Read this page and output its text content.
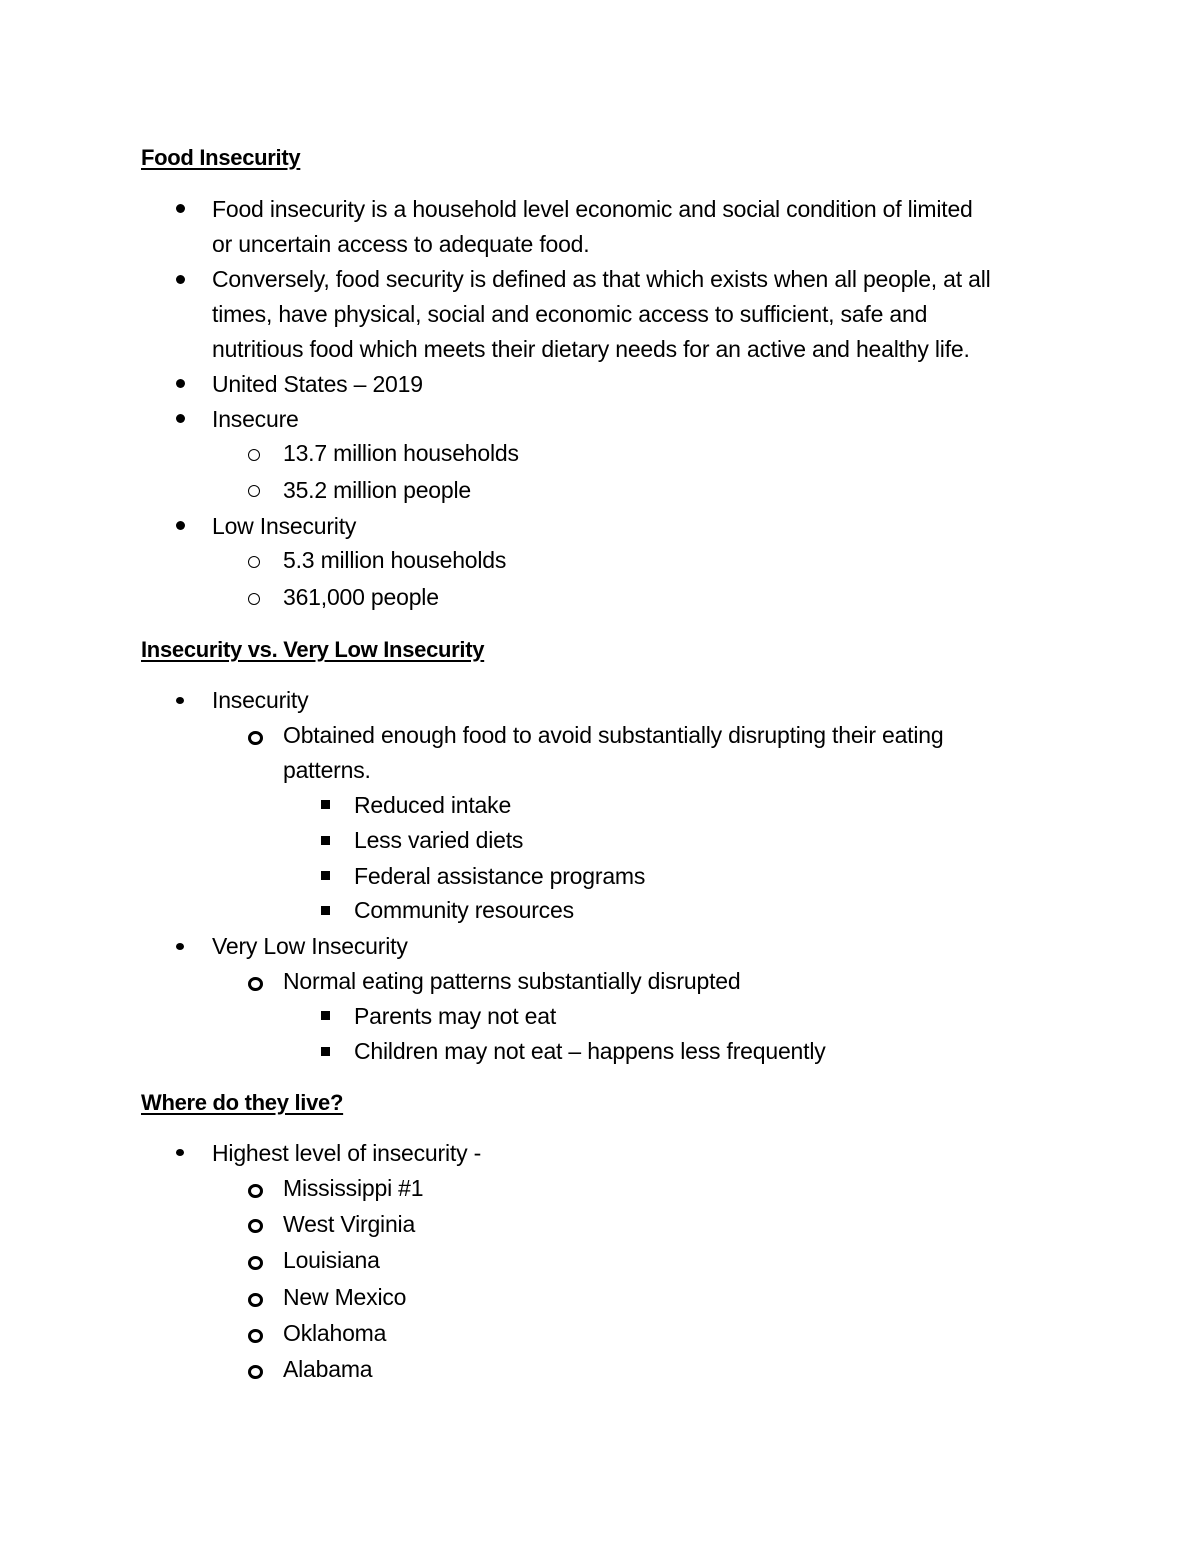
Food Insecurity
Food insecurity is a household level economic and social condition of limited
or uncertain access to adequate food.
Conversely, food security is defined as that which exists when all people, at all
times, have physical, social and economic access to sufficient, safe and
nutritious food which meets their dietary needs for an active and healthy life.
United States – 2019
Insecure
13.7 million households
35.2 million people
Low Insecurity
5.3 million households
361,000 people
Insecurity vs. Very Low Insecurity
Insecurity
Obtained enough food to avoid substantially disrupting their eating
patterns.
Reduced intake
Less varied diets
Federal assistance programs
Community resources
Very Low Insecurity
Normal eating patterns substantially disrupted
Parents may not eat
Children may not eat – happens less frequently
Where do they live?
Highest level of insecurity -
Mississippi #1
West Virginia
Louisiana
New Mexico
Oklahoma
Alabama
